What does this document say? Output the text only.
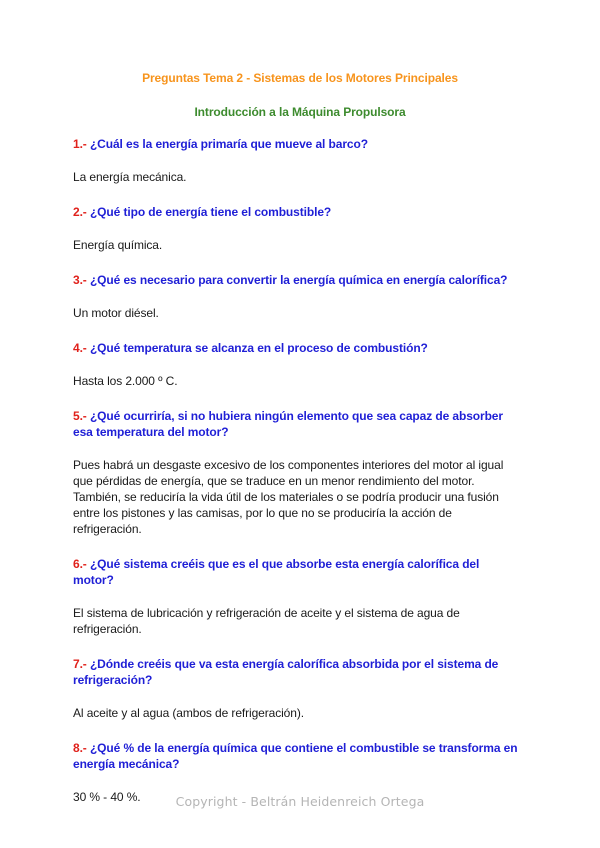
Preguntas Tema 2 - Sistemas de los Motores Principales
Introducción a la Máquina Propulsora

1.- ¿Cuál es la energía primaría que mueve al barco?

La energía mecánica.

2.- ¿Qué tipo de energía tiene el combustible?

Energía química.

3.- ¿Qué es necesario para convertir la energía química en energía calorífica?

Un motor diésel.

4.- ¿Qué temperatura se alcanza en el proceso de combustión?

Hasta los 2.000 º C.

5.- ¿Qué ocurriría, si no hubiera ningún elemento que sea capaz de absorber esa temperatura del motor?

Pues habrá un desgaste excesivo de los componentes interiores del motor al igual que pérdidas de energía, que se traduce en un menor rendimiento del motor. También, se reduciría la vida útil de los materiales o se podría producir una fusión entre los pistones y las camisas, por lo que no se produciría la acción de refrigeración.

6.- ¿Qué sistema creéis que es el que absorbe esta energía calorífica del motor?

El sistema de lubricación y refrigeración de aceite y el sistema de agua de refrigeración.

7.- ¿Dónde creéis que va esta energía calorífica absorbida por el sistema de refrigeración?

Al aceite y al agua (ambos de refrigeración).

8.- ¿Qué % de la energía química que contiene el combustible se transforma en energía mecánica?

30 % - 40 %.	Copyright - Beltrán Heidenreich Ortega
